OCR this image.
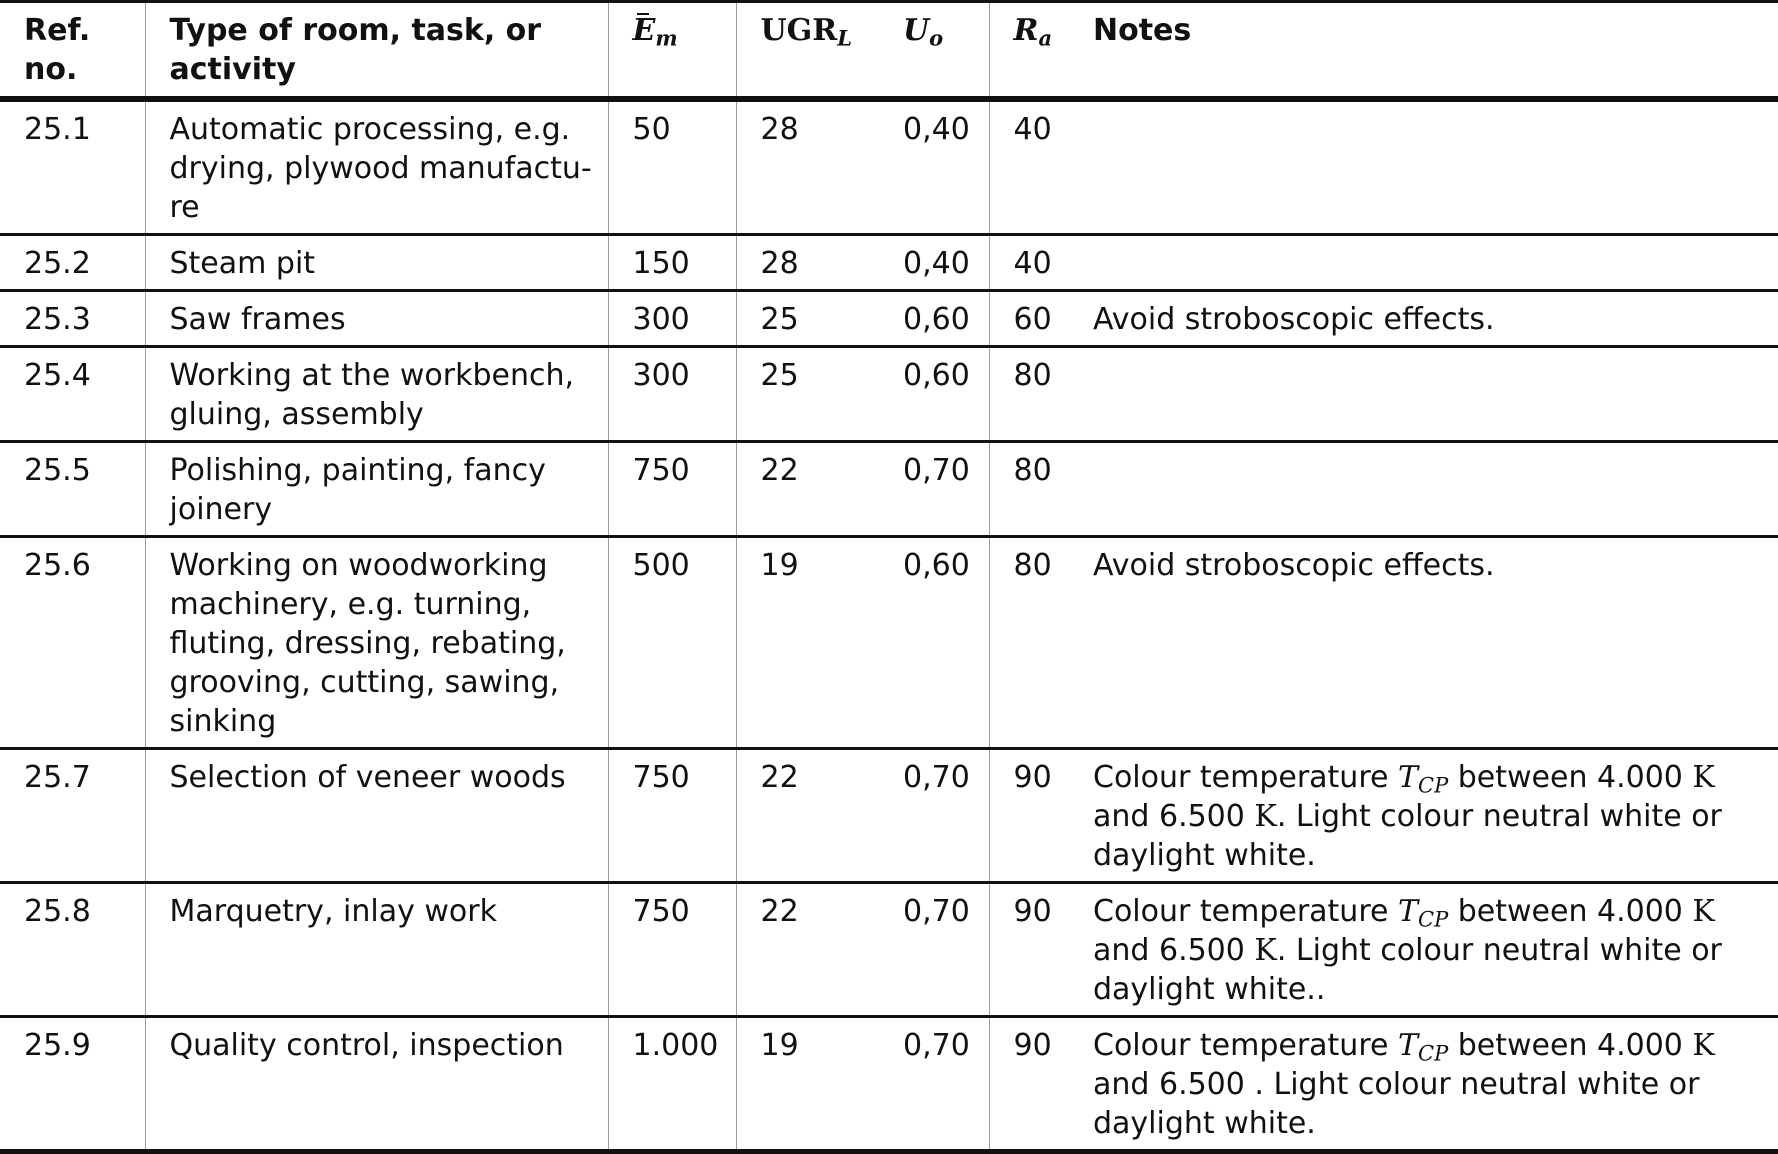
Ref. no.	Type of room, task, or activity	$E_m$	$UGR_L$	$U_o$	$R_a$	Notes
25.1	Automatic processing, e.g. drying, plywood manufactu-re	50	28	0,40	40	
25.2	Steam pit	150	28	0,40	40	
25.3	Saw frames	300	25	0,60	60	Avoid stroboscopic effects.
25.4	Working at the workbench, gluing, assembly	300	25	0,60	80	
25.5	Polishing, painting, fancy joinery	750	22	0,70	80	
25.6	Working on woodworking machinery, e.g. turning, fluting, dressing, rebating, grooving, cutting, sawing, sinking	500	19	0,60	80	Avoid stroboscopic effects.
25.7	Selection of veneer woods	750	22	0,70	90	Colour temperature $T_{CP}$ between 4.000 K and 6.500 K. Light colour neutral white or daylight white.
25.8	Marquetry, inlay work	750	22	0,70	90	Colour temperature $T_{CP}$ between 4.000 K and 6.500 K. Light colour neutral white or daylight white..
25.9	Quality control, inspection	1.000	19	0,70	90	Colour temperature $T_{CP}$ between 4.000 K and 6.500 . Light colour neutral white or daylight white.
